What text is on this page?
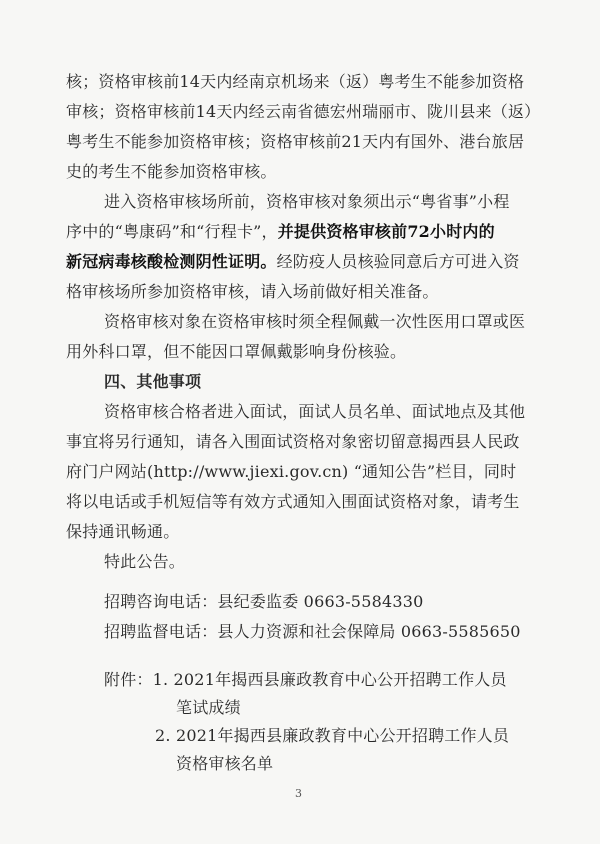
核；资格审核前14天内经南京机场来（返）粤考生不能参加资格
审核；资格审核前14天内经云南省德宏州瑞丽市、陇川县来（返）
粤考生不能参加资格审核；资格审核前21天内有国外、港台旅居
史的考生不能参加资格审核。
进入资格审核场所前，资格审核对象须出示“粤省事”小程
序中的“粤康码”和“行程卡”，并提供资格审核前72小时内的
新冠病毒核酸检测阴性证明。经防疫人员核验同意后方可进入资
格审核场所参加资格审核，请入场前做好相关准备。
资格审核对象在资格审核时须全程佩戴一次性医用口罩或医
用外科口罩，但不能因口罩佩戴影响身份核验。
四、其他事项
资格审核合格者进入面试，面试人员名单、面试地点及其他
事宜将另行通知，请各入围面试资格对象密切留意揭西县人民政
府门户网站(http://www.jiexi.gov.cn) “通知公告”栏目，同时
将以电话或手机短信等有效方式通知入围面试资格对象，请考生
保持通讯畅通。
特此公告。
招聘咨询电话：县纪委监委 0663-5584330
招聘监督电话：县人力资源和社会保障局 0663-5585650
附件：1. 2021年揭西县廉政教育中心公开招聘工作人员
笔试成绩
2. 2021年揭西县廉政教育中心公开招聘工作人员
资格审核名单
3
